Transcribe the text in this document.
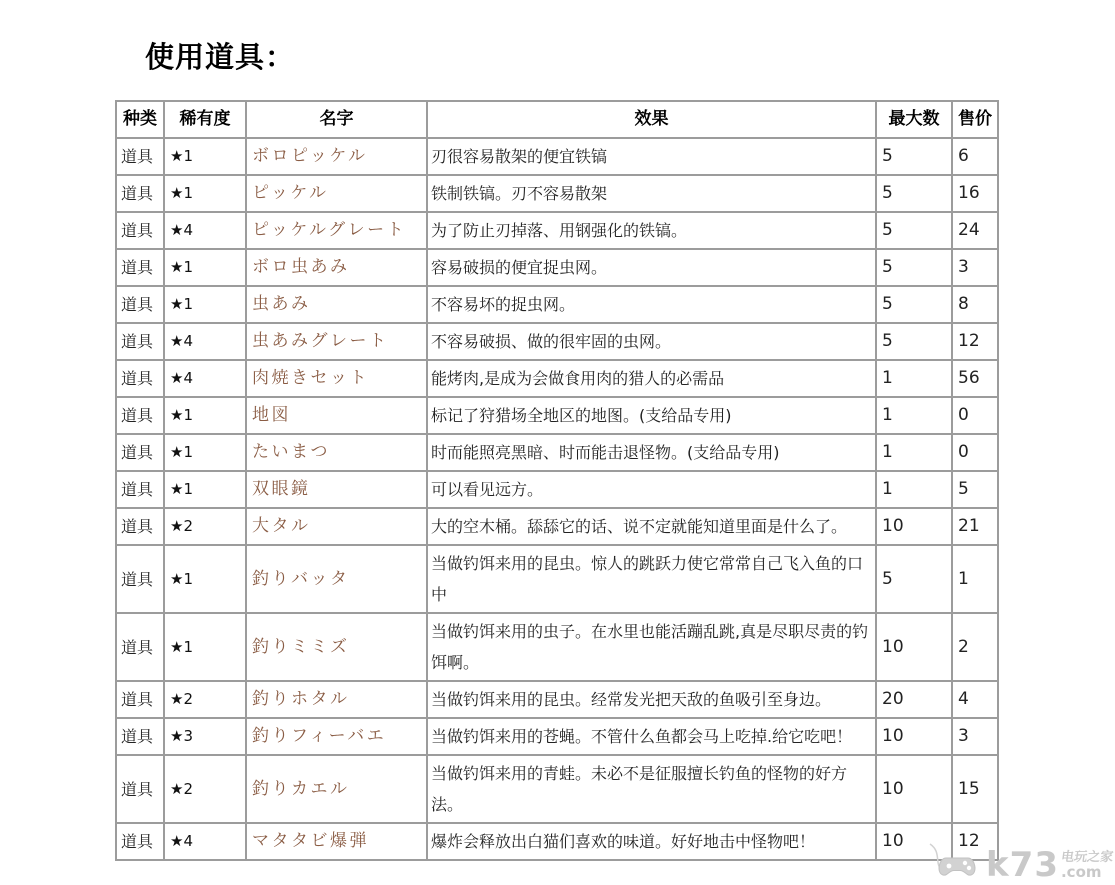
使用道具：
种类	稀有度	名字	效果	最大数	售价
道具	★1	ボロピッケル	刃很容易散架的便宜铁镐	5	6
道具	★1	ピッケル	铁制铁镐。刃不容易散架	5	16
道具	★4	ピッケルグレート	为了防止刃掉落、用钢强化的铁镐。	5	24
道具	★1	ボロ虫あみ	容易破损的便宜捉虫网。	5	3
道具	★1	虫あみ	不容易坏的捉虫网。	5	8
道具	★4	虫あみグレート	不容易破损、做的很牢固的虫网。	5	12
道具	★4	肉焼きセット	能烤肉,是成为会做食用肉的猎人的必需品	1	56
道具	★1	地図	标记了狩猎场全地区的地图。(支给品专用)	1	0
道具	★1	たいまつ	时而能照亮黑暗、时而能击退怪物。(支给品专用)	1	0
道具	★1	双眼鏡	可以看见远方。	1	5
道具	★2	大タル	大的空木桶。舔舔它的话、说不定就能知道里面是什么了。	10	21
道具	★1	釣りバッタ	当做钓饵来用的昆虫。惊人的跳跃力使它常常自己飞入鱼的口中	5	1
道具	★1	釣りミミズ	当做钓饵来用的虫子。在水里也能活蹦乱跳,真是尽职尽责的钓饵啊。	10	2
道具	★2	釣りホタル	当做钓饵来用的昆虫。经常发光把天敌的鱼吸引至身边。	20	4
道具	★3	釣りフィーバエ	当做钓饵来用的苍蝇。不管什么鱼都会马上吃掉.给它吃吧！	10	3
道具	★2	釣りカエル	当做钓饵来用的青蛙。未必不是征服擅长钓鱼的怪物的好方法。	10	15
道具	★4	マタタビ爆弾	爆炸会释放出白猫们喜欢的味道。好好地击中怪物吧！	10	12
k73 电玩之家
.com
